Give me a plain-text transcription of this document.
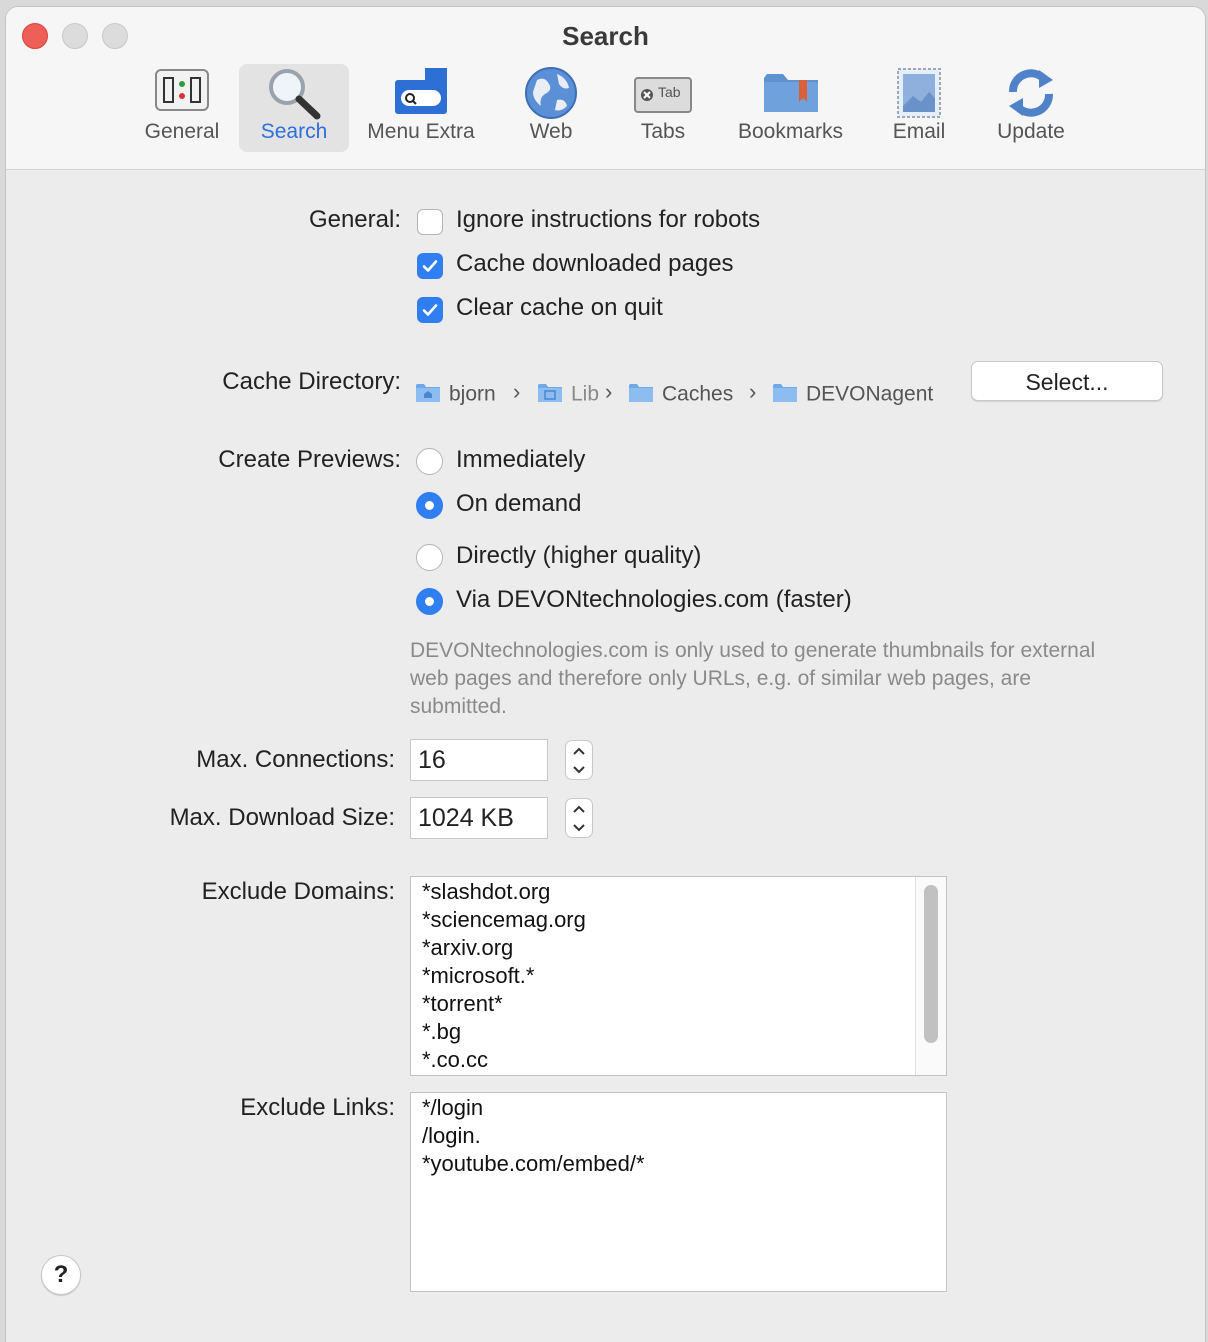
Search
General	Search	Menu Extra	Web
Tab
Tabs	Bookmarks	Email	Update
General: Ignore instructions for robots
Cache downloaded pages
Clear cache on quit
Cache Directory:	bjorn ›	Lib ›	Caches ›	DEVONagent	Select...
Create Previews: Immediately
On demand
Directly (higher quality)
Via DEVONtechnologies.com (faster)
DEVONtechnologies.com is only used to generate thumbnails for external web pages and therefore only URLs, e.g. of similar web pages, are submitted.
Max. Connections: 16
Max. Download Size: 1024 KB
Exclude Domains:	*slashdot.org
*sciencemag.org
*arxiv.org
*microsoft.*
*torrent*
*.bg
*.co.cc
Exclude Links:	*/login
/login.
*youtube.com/embed/*
?
